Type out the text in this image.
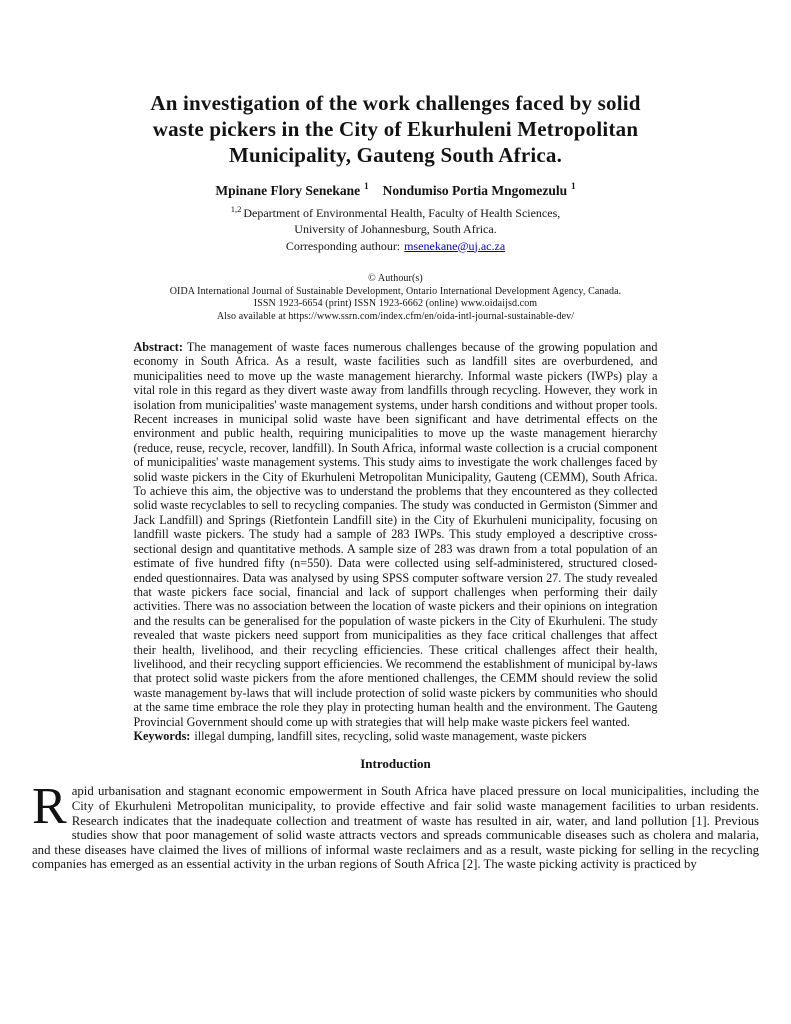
An investigation of the work challenges faced by solid
waste pickers in the City of Ekurhuleni Metropolitan
Municipality, Gauteng South Africa.
Mpinane Flory Senekane $^1$ Nondumiso Portia Mngomezulu $^1$
$^{1,2}$ Department of Environmental Health, Faculty of Health Sciences,
University of Johannesburg, South Africa.
Corresponding authour: msenekane@uj.ac.za
© Authour(s)
OIDA International Journal of Sustainable Development, Ontario International Development Agency, Canada.
ISSN 1923-6654 (print) ISSN 1923-6662 (online) www.oidaijsd.com
Also available at https://www.ssrn.com/index.cfm/en/oida-intl-journal-sustainable-dev/

Abstract: The management of waste faces numerous challenges because of the growing population and economy in South Africa. As a result, waste facilities such as landfill sites are overburdened, and municipalities need to move up the waste management hierarchy. Informal waste pickers (IWPs) play a vital role in this regard as they divert waste away from landfills through recycling. However, they work in isolation from municipalities' waste management systems, under harsh conditions and without proper tools. Recent increases in municipal solid waste have been significant and have detrimental effects on the environment and public health, requiring municipalities to move up the waste management hierarchy (reduce, reuse, recycle, recover, landfill). In South Africa, informal waste collection is a crucial component of municipalities' waste management systems. This study aims to investigate the work challenges faced by solid waste pickers in the City of Ekurhuleni Metropolitan Municipality, Gauteng (CEMM), South Africa. To achieve this aim, the objective was to understand the problems that they encountered as they collected solid waste recyclables to sell to recycling companies. The study was conducted in Germiston (Simmer and Jack Landfill) and Springs (Rietfontein Landfill site) in the City of Ekurhuleni municipality, focusing on landfill waste pickers. The study had a sample of 283 IWPs. This study employed a descriptive cross- sectional design and quantitative methods. A sample size of 283 was drawn from a total population of an estimate of five hundred fifty (n=550). Data were collected using self-administered, structured closed-ended questionnaires. Data was analysed by using SPSS computer software version 27. The study revealed that waste pickers face social, financial and lack of support challenges when performing their daily activities. There was no association between the location of waste pickers and their opinions on integration and the results can be generalised for the population of waste pickers in the City of Ekurhuleni. The study revealed that waste pickers need support from municipalities as they face critical challenges that affect their health, livelihood, and their recycling efficiencies. These critical challenges affect their health, livelihood, and their recycling support efficiencies. We recommend the establishment of municipal by-laws that protect solid waste pickers from the afore mentioned challenges, the CEMM should review the solid waste management by-laws that will include protection of solid waste pickers by communities who should at the same time embrace the role they play in protecting human health and the environment. The Gauteng Provincial Government should come up with strategies that will help make waste pickers feel wanted.

Keywords: illegal dumping, landfill sites, recycling, solid waste management, waste pickers

Introduction

Rapid urbanisation and stagnant economic empowerment in South Africa have placed pressure on local municipalities, including the City of Ekurhuleni Metropolitan municipality, to provide effective and fair solid waste management facilities to urban residents. Research indicates that the inadequate collection and treatment of waste has resulted in air, water, and land pollution [1]. Previous studies show that poor management of solid waste attracts vectors and spreads communicable diseases such as cholera and malaria, and these diseases have claimed the lives of millions of informal waste reclaimers and as a result, waste picking for selling in the recycling companies has emerged as an essential activity in the urban regions of South Africa [2]. The waste picking activity is practiced by
